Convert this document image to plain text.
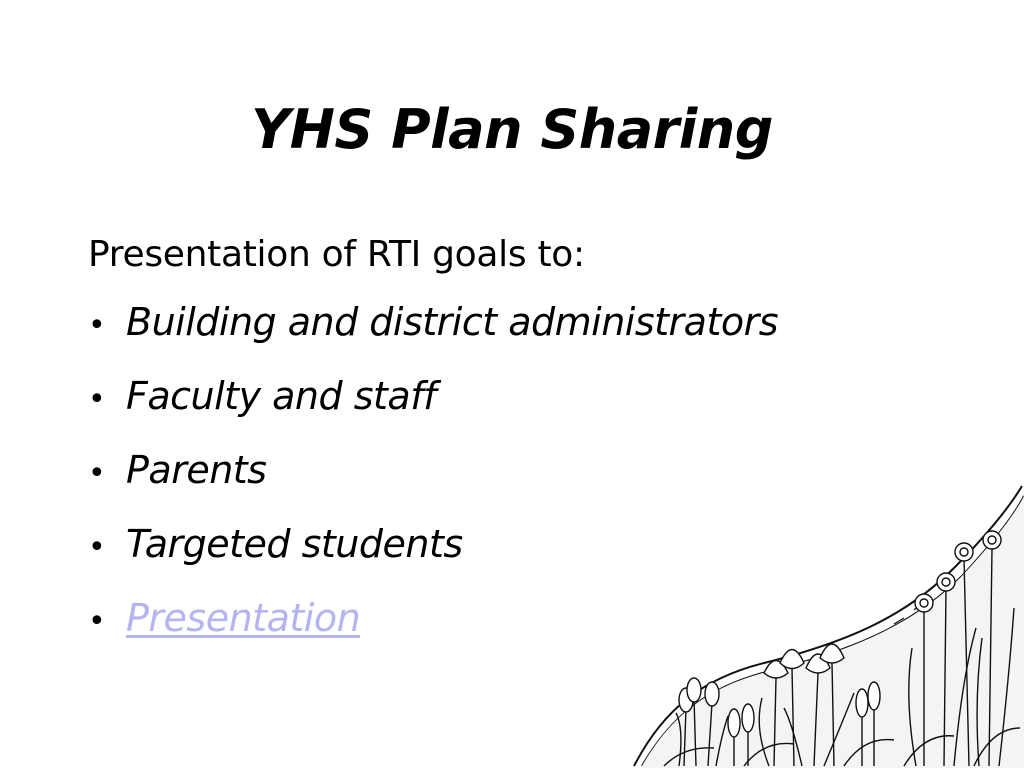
YHS Plan Sharing

Presentation of RTI goals to:

• Building and district administrators
• Faculty and staff
• Parents
• Targeted students
• Presentation
